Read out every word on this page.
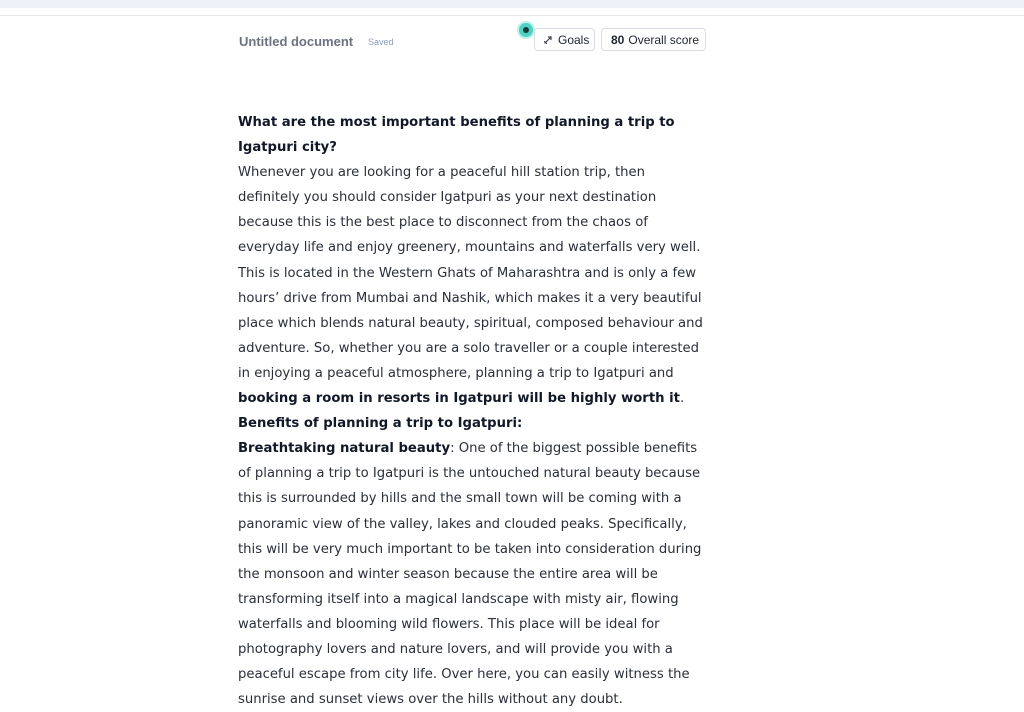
Untitled document Saved	Goals 80 Overall score

What are the most important benefits of planning a trip to Igatpuri city?

Whenever you are looking for a peaceful hill station trip, then definitely you should consider Igatpuri as your next destination because this is the best place to disconnect from the chaos of everyday life and enjoy greenery, mountains and waterfalls very well. This is located in the Western Ghats of Maharashtra and is only a few hours’ drive from Mumbai and Nashik, which makes it a very beautiful place which blends natural beauty, spiritual, composed behaviour and adventure. So, whether you are a solo traveller or a couple interested in enjoying a peaceful atmosphere, planning a trip to Igatpuri and booking a room in resorts in Igatpuri will be highly worth it.

Benefits of planning a trip to Igatpuri:

Breathtaking natural beauty: One of the biggest possible benefits of planning a trip to Igatpuri is the untouched natural beauty because this is surrounded by hills and the small town will be coming with a panoramic view of the valley, lakes and clouded peaks. Specifically, this will be very much important to be taken into consideration during the monsoon and winter season because the entire area will be transforming itself into a magical landscape with misty air, flowing waterfalls and blooming wild flowers. This place will be ideal for photography lovers and nature lovers, and will provide you with a peaceful escape from city life. Over here, you can easily witness the sunrise and sunset views over the hills without any doubt.
